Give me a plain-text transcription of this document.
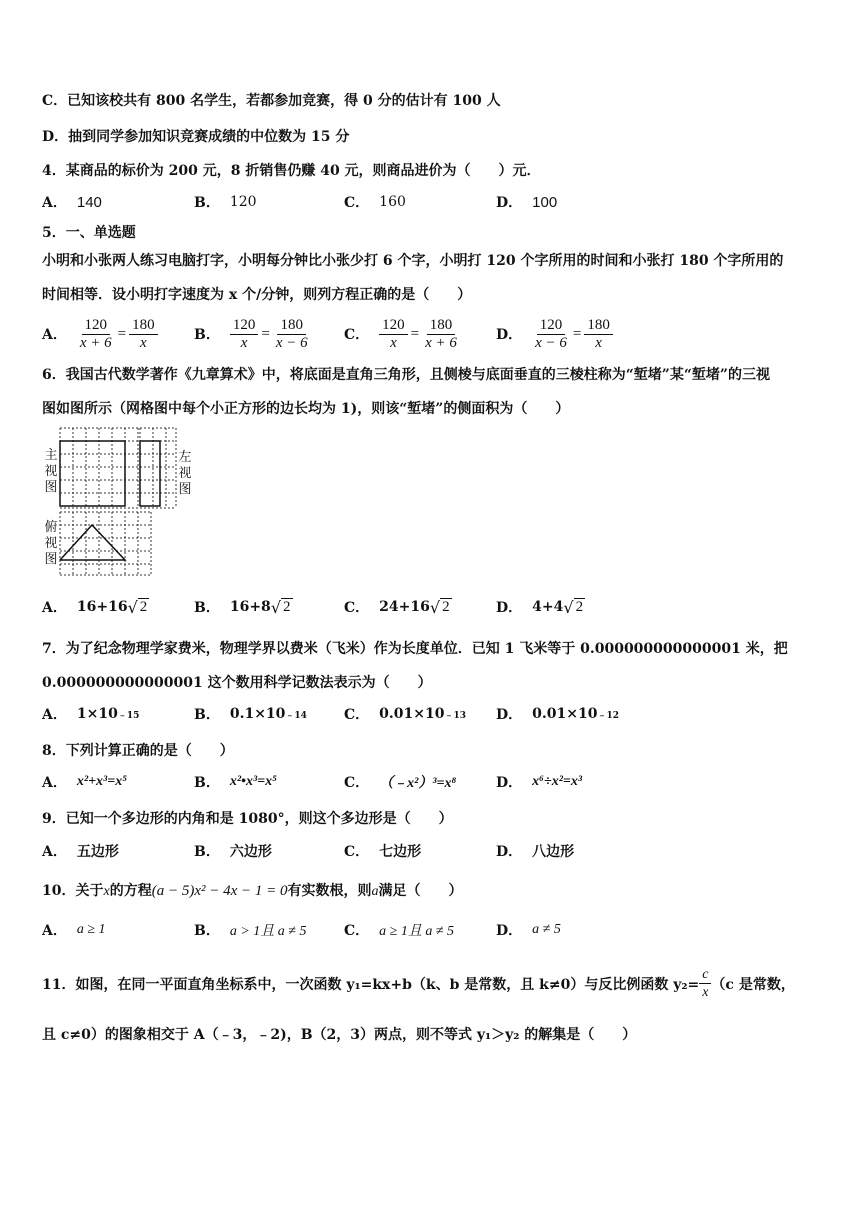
C．已知该校共有 800 名学生，若都参加竞赛，得 0 分的估计有 100 人
D．抽到同学参加知识竞赛成绩的中位数为 15 分
4．某商品的标价为 200 元，8 折销售仍赚 40 元，则商品进价为（　　）元．
A． 140	B． 120	C． 160	D． 100
5．一、单选题
小明和小张两人练习电脑打字，小明每分钟比小张少打 6 个字，小明打 120 个字所用的时间和小张打 180 个字所用的
时间相等．设小明打字速度为 x 个/分钟，则列方程正确的是（　　）
A． $\frac{120}{x + 6} = \frac{180}{x}$	B． $\frac{120}{x} = \frac{180}{x - 6}$ C． $\frac{120}{x} = \frac{180}{x + 6}$	D． $\frac{120}{x - 6} = \frac{180}{x}$
6．我国古代数学著作《九章算术》中，将底面是直角三角形，且侧棱与底面垂直的三棱柱称为“堑堵”某“堑堵”的三视
图如图所示（网格图中每个小正方形的边长均为 1)，则该“堑堵”的侧面积为（　　）
主视图
左视图
俯视图
A． 16+16 √ 2	B． 16+8 √ 2	C． 24+16 √ 2	D． 4+4 √ 2
7．为了纪念物理学家费米，物理学界以费米（飞米）作为长度单位．已知 1 飞米等于 0.000000000000001 米，把
0.000000000000001 这个数用科学记数法表示为（　　）
A． 1×10 ﹣15	B． 0.1×10 ﹣14	C． 0.01×10 ﹣13 D． 0.01×10 ﹣12
8．下列计算正确的是（　　）
A． x²+x³=x⁵	B． x²•x³=x⁵	C． （﹣x²）³=x⁸	D． x⁶÷x²=x³
9．已知一个多边形的内角和是 1080°，则这个多边形是（　　）
A． 五边形	B． 六边形	C． 七边形	D． 八边形
10．关于x的方程(a − 5)x² − 4x − 1 = 0有实数根，则a满足（　　）
A． a ≥ 1	B． a > 1且 a ≠ 5	C． a ≥ 1且 a ≠ 5	D． a ≠ 5
11．如图，在同一平面直角坐标系中，一次函数 y₁=kx+b（k、b 是常数，且 k≠0）与反比例函数 $y_2= \frac{c}{x} (c$ 是常数，
且 c≠0）的图象相交于 A（﹣3，﹣2)，B（2，3）两点，则不等式 y₁＞y₂ 的解集是（　　）
